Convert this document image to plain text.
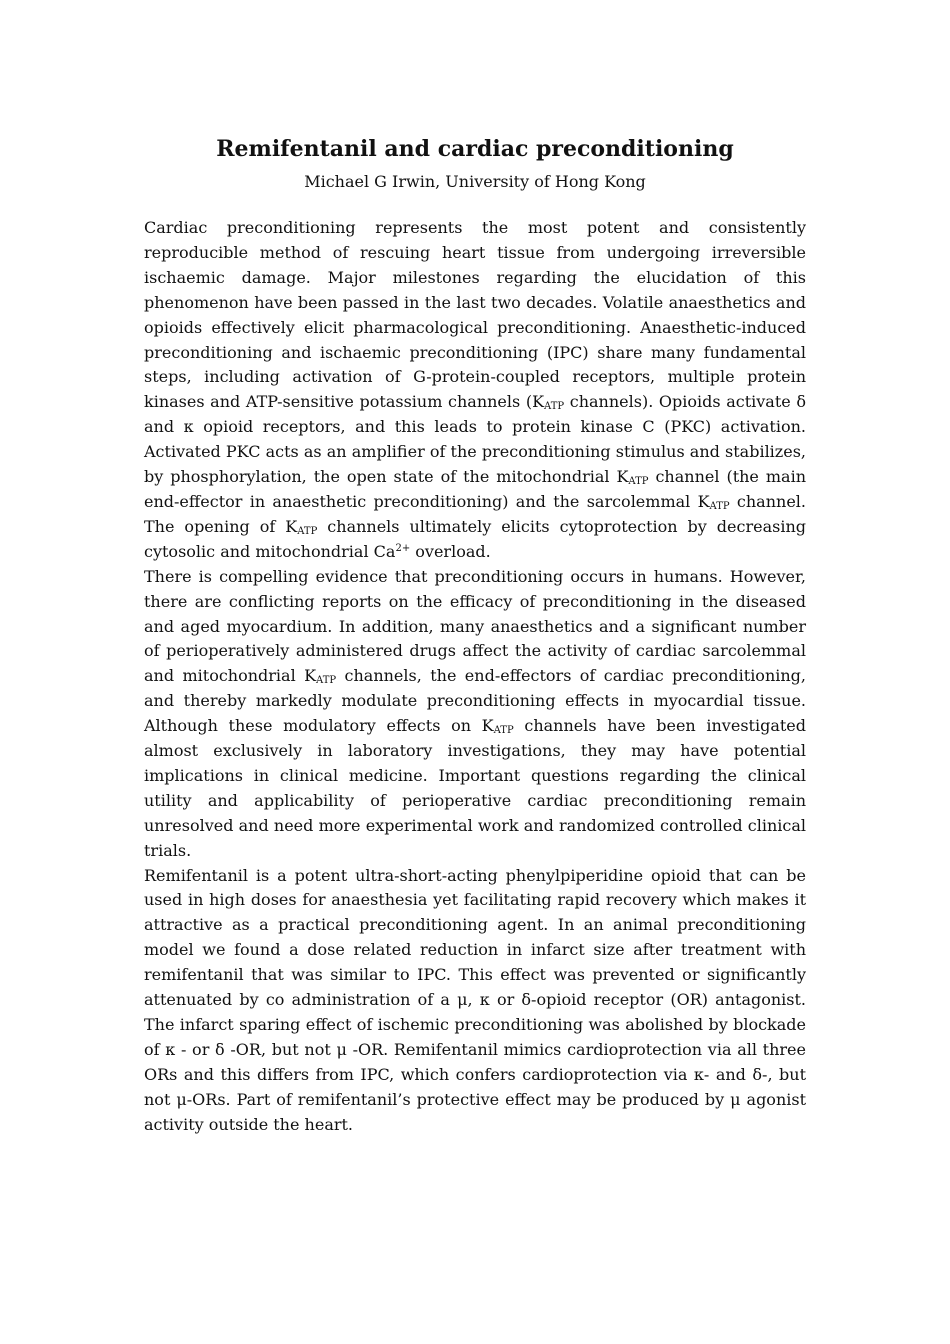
Remifentanil and cardiac preconditioning
Michael G Irwin, University of Hong Kong

Cardiac preconditioning represents the most potent and consistently reproducible method of rescuing heart tissue from undergoing irreversible ischaemic damage. Major milestones regarding the elucidation of this phenomenon have been passed in the last two decades. Volatile anaesthetics and opioids effectively elicit pharmacological preconditioning. Anaesthetic-induced preconditioning and ischaemic preconditioning (IPC) share many fundamental steps, including activation of G-protein-coupled receptors, multiple protein kinases and ATP-sensitive potassium channels ($K_{ATP}$ channels). Opioids activate δ and κ opioid receptors, and this leads to protein kinase C (PKC) activation. Activated PKC acts as an amplifier of the preconditioning stimulus and stabilizes, by phosphorylation, the open state of the mitochondrial $K_{ATP}$ channel (the main end-effector in anaesthetic preconditioning) and the sarcolemmal $K_{ATP}$ channel. The opening of $K_{ATP}$ channels ultimately elicits cytoprotection by decreasing cytosolic and mitochondrial $Ca^{2+}$ overload.

There is compelling evidence that preconditioning occurs in humans. However, there are conflicting reports on the efficacy of preconditioning in the diseased and aged myocardium. In addition, many anaesthetics and a significant number of perioperatively administered drugs affect the activity of cardiac sarcolemmal and mitochondrial $K_{ATP}$ channels, the end-effectors of cardiac preconditioning, and thereby markedly modulate preconditioning effects in myocardial tissue. Although these modulatory effects on $K_{ATP}$ channels have been investigated almost exclusively in laboratory investigations, they may have potential implications in clinical medicine. Important questions regarding the clinical utility and applicability of perioperative cardiac preconditioning remain unresolved and need more experimental work and randomized controlled clinical trials.

Remifentanil is a potent ultra-short-acting phenylpiperidine opioid that can be used in high doses for anaesthesia yet facilitating rapid recovery which makes it attractive as a practical preconditioning agent. In an animal preconditioning model we found a dose related reduction in infarct size after treatment with remifentanil that was similar to IPC. This effect was prevented or significantly attenuated by co administration of a μ, κ or δ-opioid receptor (OR) antagonist. The infarct sparing effect of ischemic preconditioning was abolished by blockade of κ - or δ -OR, but not μ -OR. Remifentanil mimics cardioprotection via all three ORs and this differs from IPC, which confers cardioprotection via κ- and δ-, but not μ-ORs. Part of remifentanil’s protective effect may be produced by μ agonist activity outside the heart.
